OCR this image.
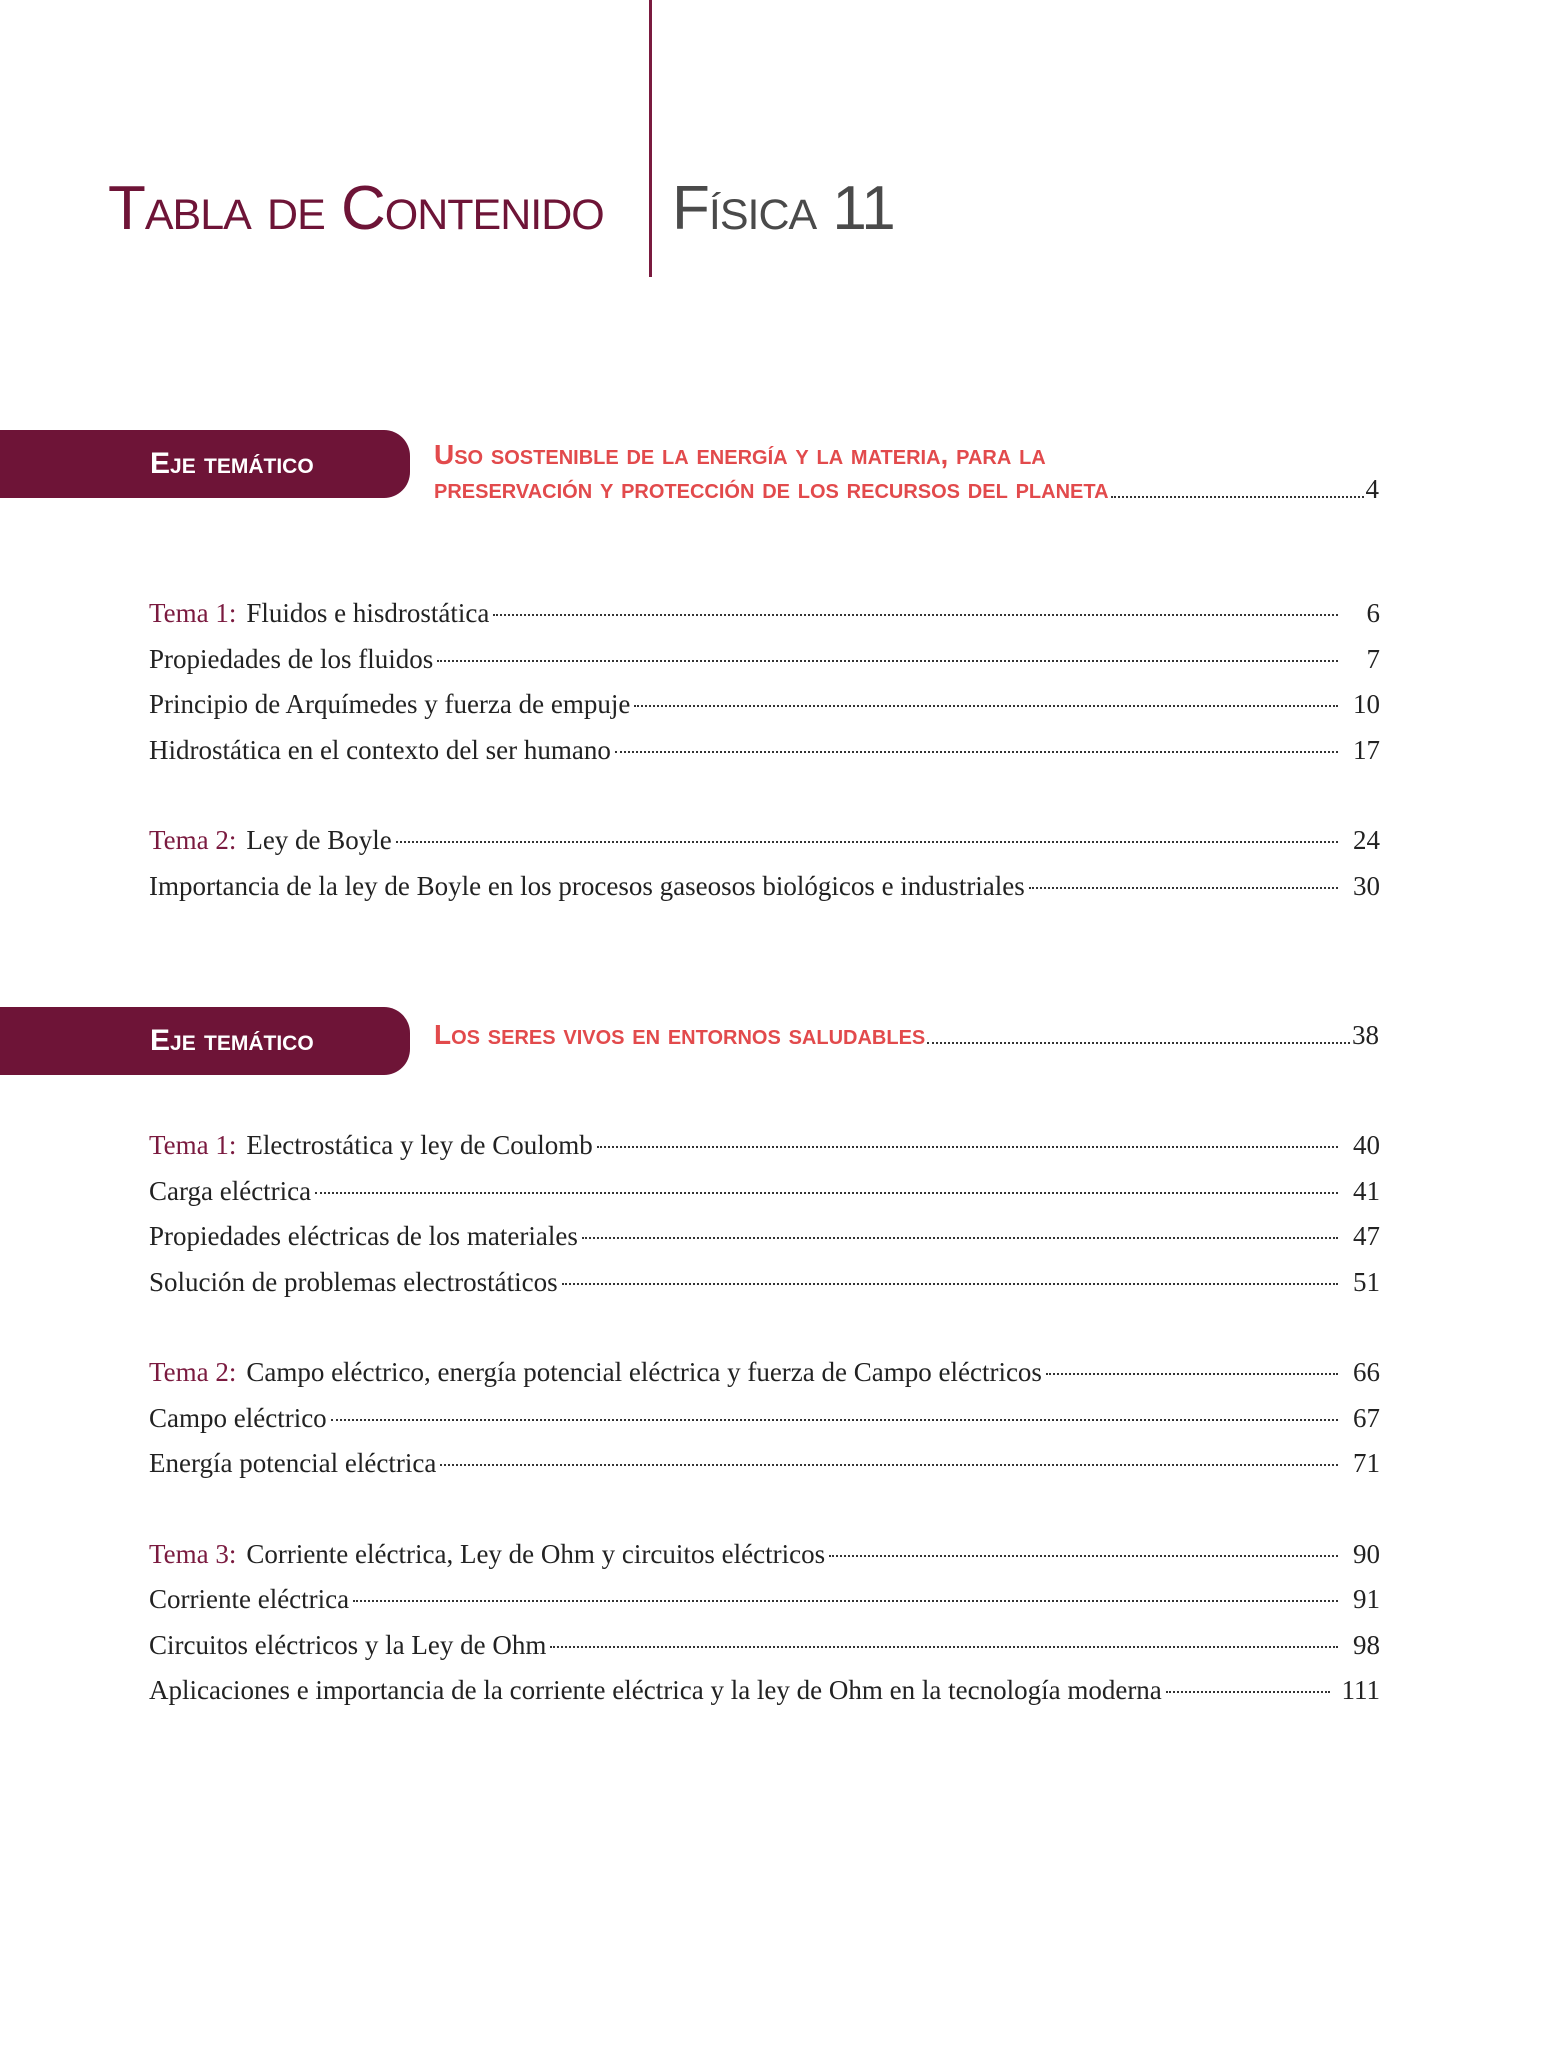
Tabla de Contenido Física 11
Eje temático	Uso sostenible de la energía y la materia, para la
preservación y protección de los recursos del planeta	4
Tema 1: Fluidos e hisdrostática	6
Propiedades de los fluidos	7
Principio de Arquímedes y fuerza de empuje	10
Hidrostática en el contexto del ser humano	17
Tema 2: Ley de Boyle	24
Importancia de la ley de Boyle en los procesos gaseosos biológicos e industriales	30
Eje temático	Los seres vivos en entornos saludables	38
Tema 1: Electrostática y ley de Coulomb	40
Carga eléctrica	41
Propiedades eléctricas de los materiales	47
Solución de problemas electrostáticos	51
Tema 2: Campo eléctrico, energía potencial eléctrica y fuerza de Campo eléctricos	66
Campo eléctrico	67
Energía potencial eléctrica	71
Tema 3: Corriente eléctrica, Ley de Ohm y circuitos eléctricos	90
Corriente eléctrica	91
Circuitos eléctricos y la Ley de Ohm	98
Aplicaciones e importancia de la corriente eléctrica y la ley de Ohm en la tecnología moderna	111
